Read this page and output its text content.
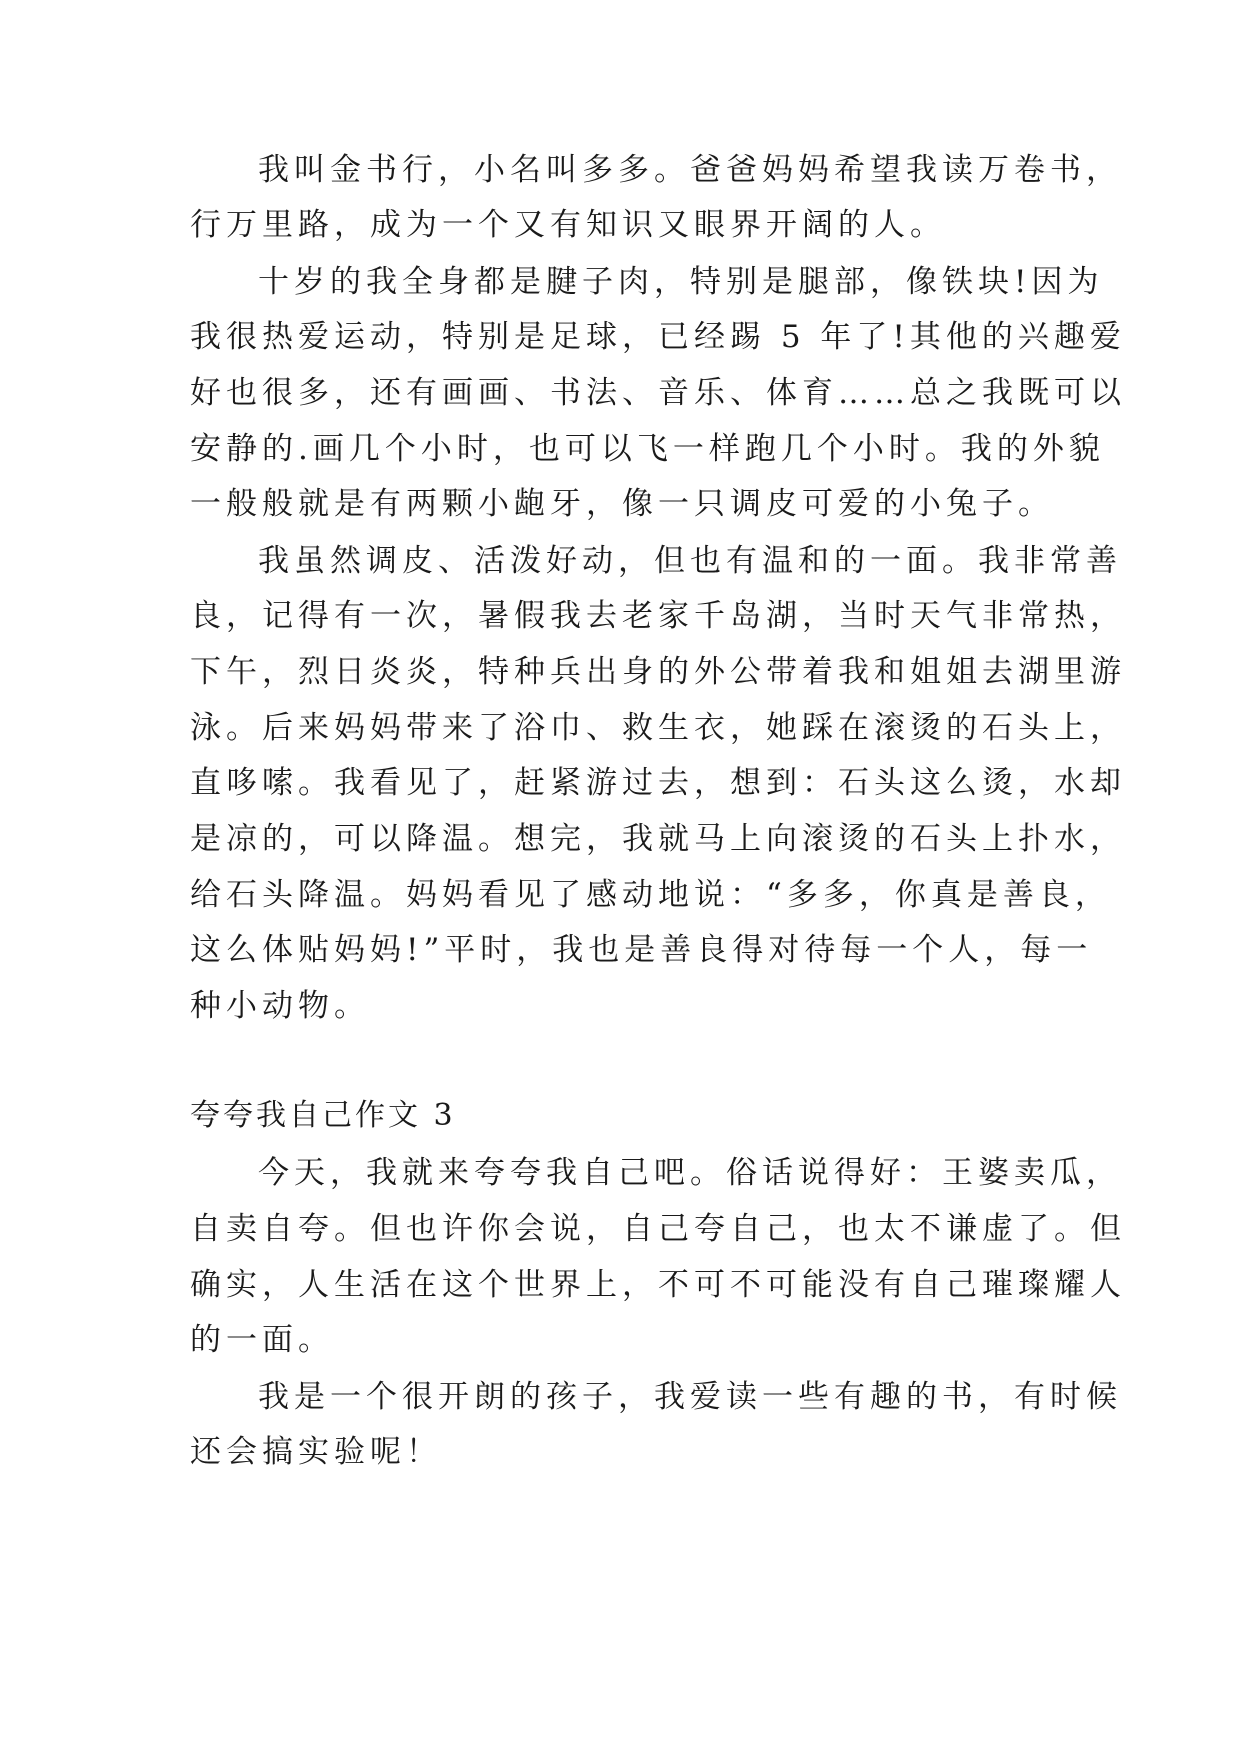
我叫金书行，小名叫多多。爸爸妈妈希望我读万卷书，
行万里路，成为一个又有知识又眼界开阔的人。
十岁的我全身都是腱子肉，特别是腿部，像铁块!因为
我很热爱运动，特别是足球，已经踢 5 年了!其他的兴趣爱
好也很多，还有画画、书法、音乐、体育……总之我既可以
安静的.画几个小时，也可以飞一样跑几个小时。我的外貌
一般般就是有两颗小龅牙，像一只调皮可爱的小兔子。
我虽然调皮、活泼好动，但也有温和的一面。我非常善
良，记得有一次，暑假我去老家千岛湖，当时天气非常热，
下午，烈日炎炎，特种兵出身的外公带着我和姐姐去湖里游
泳。后来妈妈带来了浴巾、救生衣，她踩在滚烫的石头上，
直哆嗦。我看见了，赶紧游过去，想到：石头这么烫，水却
是凉的，可以降温。想完，我就马上向滚烫的石头上扑水，
给石头降温。妈妈看见了感动地说：“多多，你真是善良，
这么体贴妈妈!”平时，我也是善良得对待每一个人，每一
种小动物。
夸夸我自己作文 3
今天，我就来夸夸我自己吧。俗话说得好：王婆卖瓜，
自卖自夸。但也许你会说，自己夸自己，也太不谦虚了。但
确实，人生活在这个世界上，不可不可能没有自己璀璨耀人
的一面。
我是一个很开朗的孩子，我爱读一些有趣的书，有时候
还会搞实验呢！
